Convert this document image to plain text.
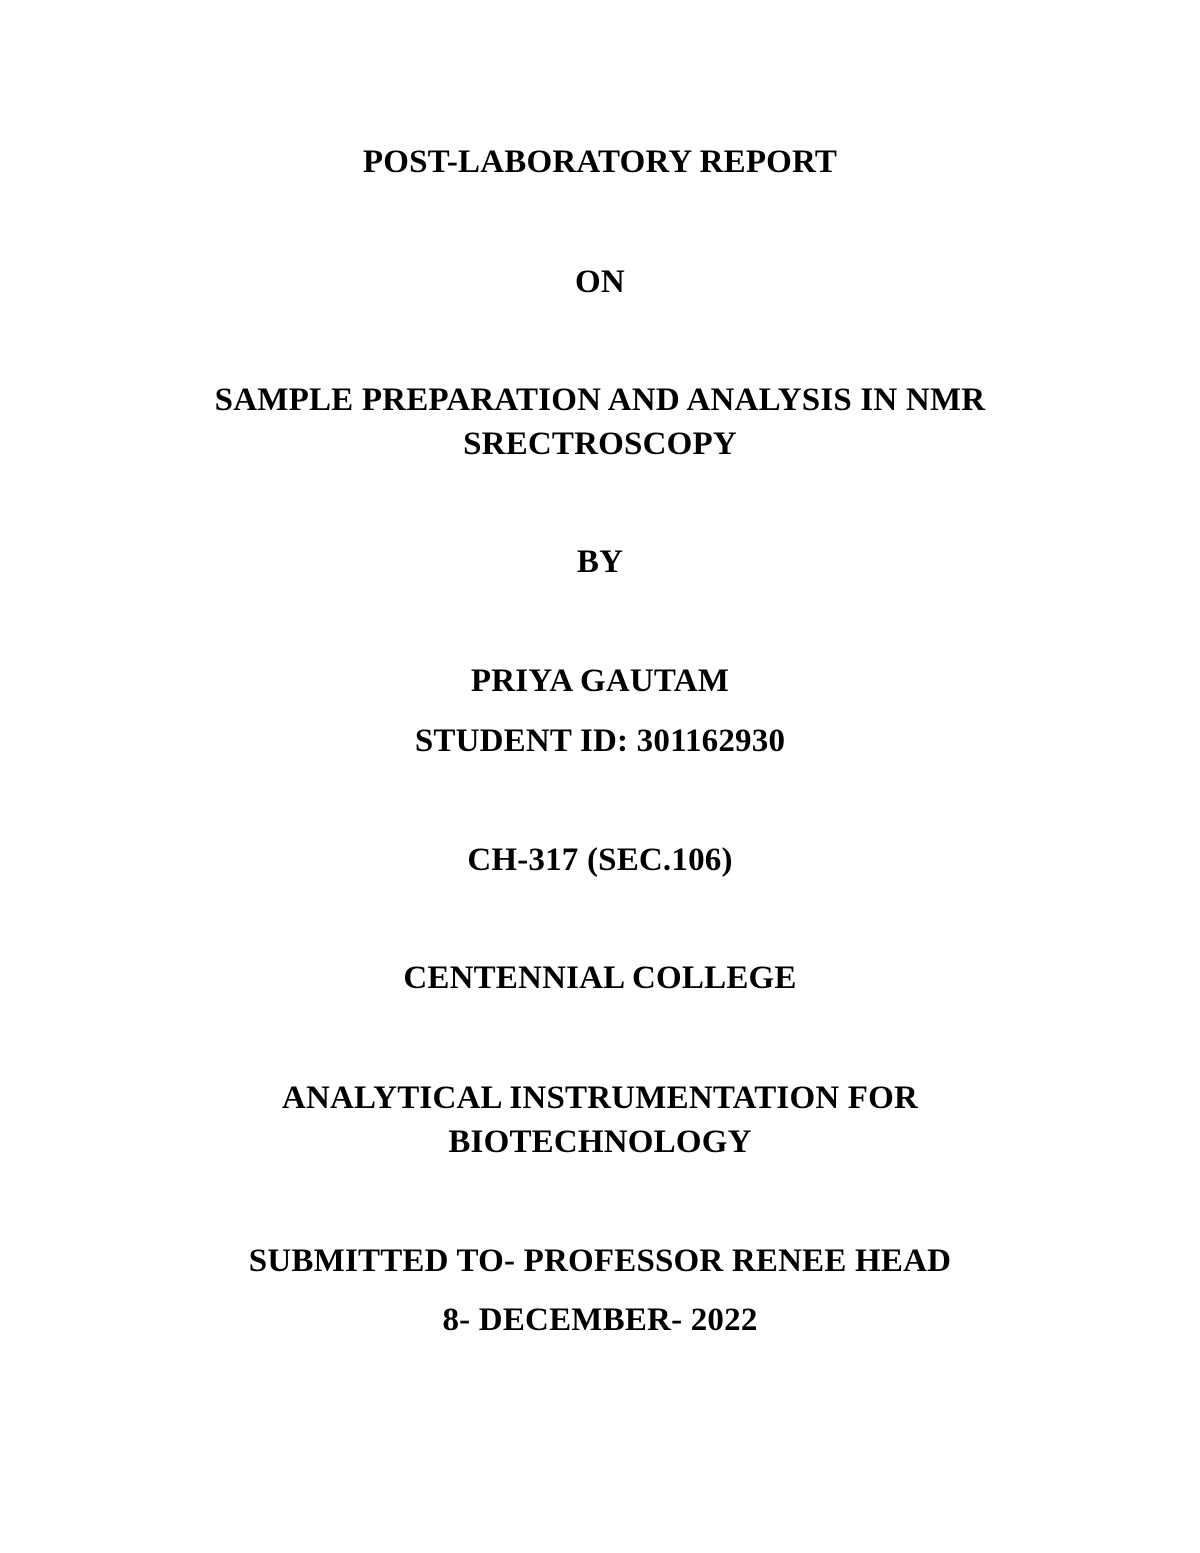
POST-LABORATORY REPORT
ON
SAMPLE PREPARATION AND ANALYSIS IN NMR
SRECTROSCOPY
BY
PRIYA GAUTAM
STUDENT ID: 301162930
CH-317 (SEC.106)
CENTENNIAL COLLEGE
ANALYTICAL INSTRUMENTATION FOR
BIOTECHNOLOGY
SUBMITTED TO- PROFESSOR RENEE HEAD
8- DECEMBER- 2022
